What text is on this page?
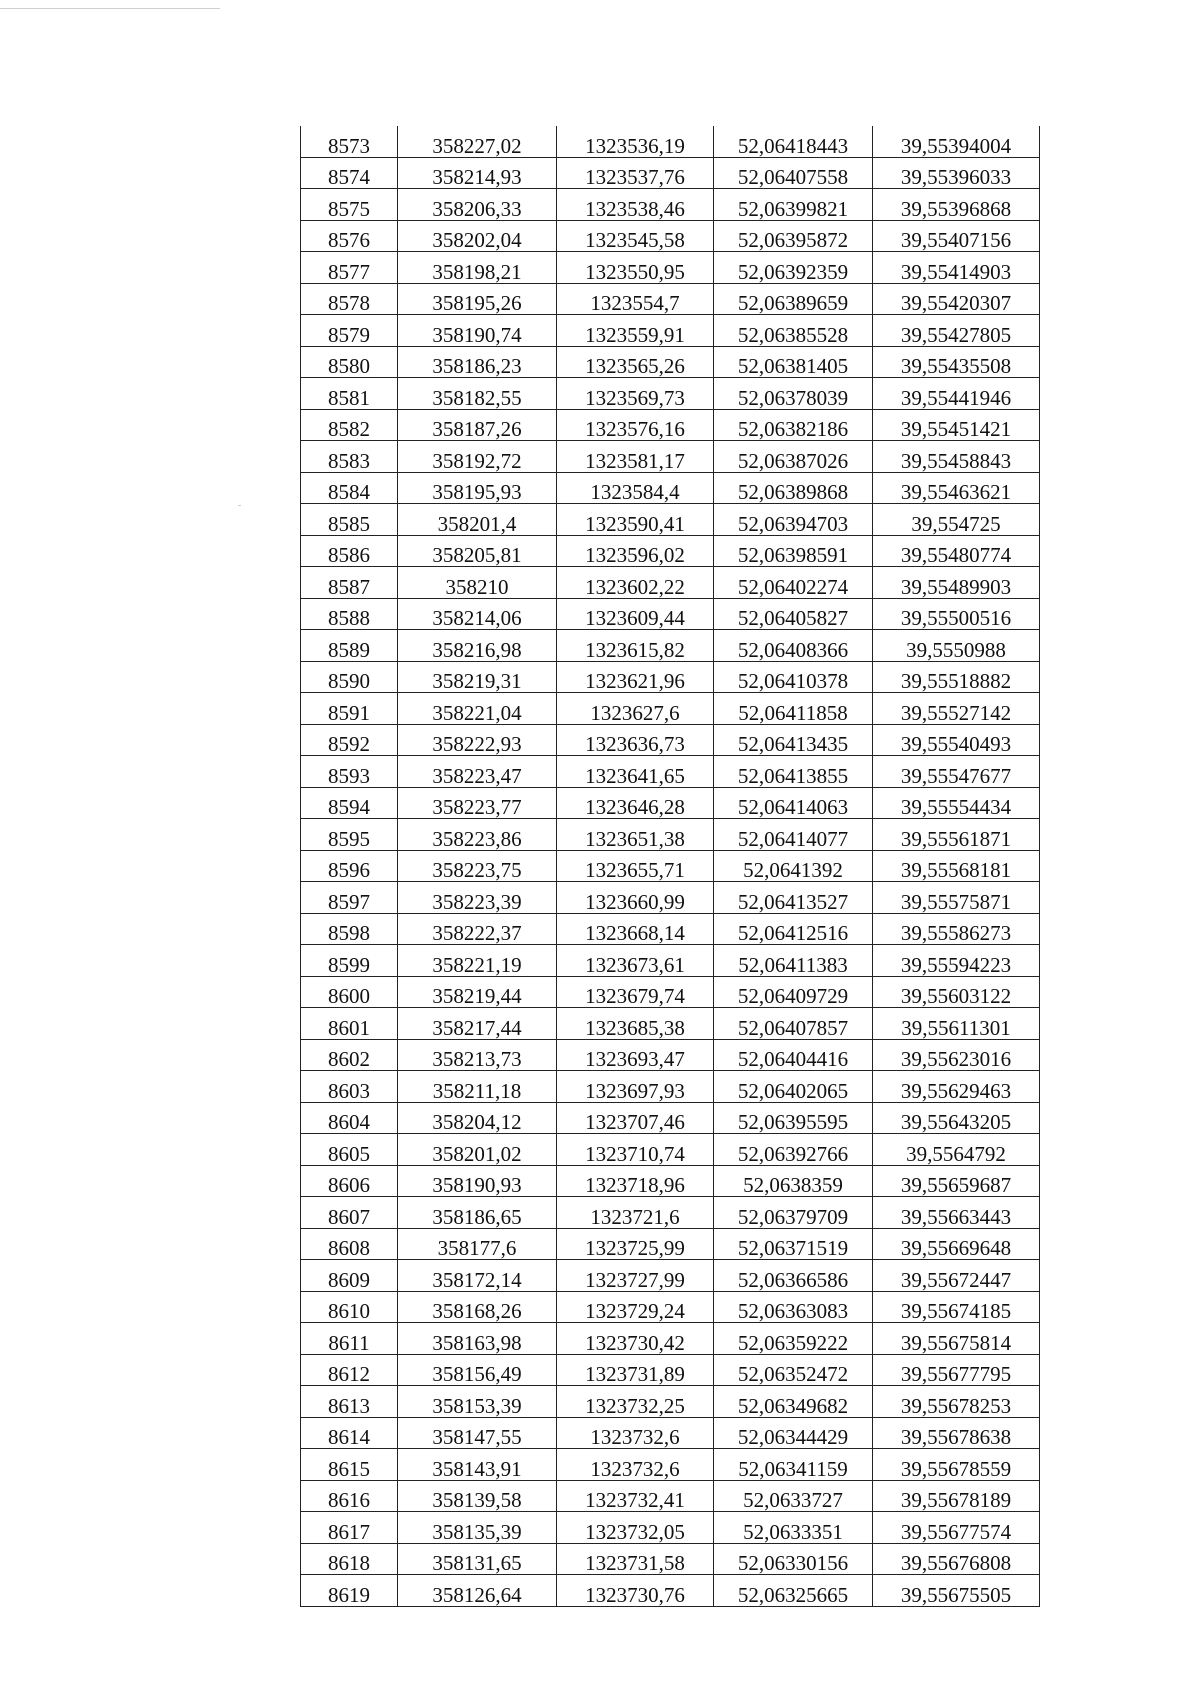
8573	358227,02	1323536,19	52,06418443	39,55394004
8574	358214,93	1323537,76	52,06407558	39,55396033
8575	358206,33	1323538,46	52,06399821	39,55396868
8576	358202,04	1323545,58	52,06395872	39,55407156
8577	358198,21	1323550,95	52,06392359	39,55414903
8578	358195,26	1323554,7	52,06389659	39,55420307
8579	358190,74	1323559,91	52,06385528	39,55427805
8580	358186,23	1323565,26	52,06381405	39,55435508
8581	358182,55	1323569,73	52,06378039	39,55441946
8582	358187,26	1323576,16	52,06382186	39,55451421
8583	358192,72	1323581,17	52,06387026	39,55458843
8584	358195,93	1323584,4	52,06389868	39,55463621
8585	358201,4	1323590,41	52,06394703	39,554725
8586	358205,81	1323596,02	52,06398591	39,55480774
8587	358210	1323602,22	52,06402274	39,55489903
8588	358214,06	1323609,44	52,06405827	39,55500516
8589	358216,98	1323615,82	52,06408366	39,5550988
8590	358219,31	1323621,96	52,06410378	39,55518882
8591	358221,04	1323627,6	52,06411858	39,55527142
8592	358222,93	1323636,73	52,06413435	39,55540493
8593	358223,47	1323641,65	52,06413855	39,55547677
8594	358223,77	1323646,28	52,06414063	39,55554434
8595	358223,86	1323651,38	52,06414077	39,55561871
8596	358223,75	1323655,71	52,0641392	39,55568181
8597	358223,39	1323660,99	52,06413527	39,55575871
8598	358222,37	1323668,14	52,06412516	39,55586273
8599	358221,19	1323673,61	52,06411383	39,55594223
8600	358219,44	1323679,74	52,06409729	39,55603122
8601	358217,44	1323685,38	52,06407857	39,55611301
8602	358213,73	1323693,47	52,06404416	39,55623016
8603	358211,18	1323697,93	52,06402065	39,55629463
8604	358204,12	1323707,46	52,06395595	39,55643205
8605	358201,02	1323710,74	52,06392766	39,5564792
8606	358190,93	1323718,96	52,0638359	39,55659687
8607	358186,65	1323721,6	52,06379709	39,55663443
8608	358177,6	1323725,99	52,06371519	39,55669648
8609	358172,14	1323727,99	52,06366586	39,55672447
8610	358168,26	1323729,24	52,06363083	39,55674185
8611	358163,98	1323730,42	52,06359222	39,55675814
8612	358156,49	1323731,89	52,06352472	39,55677795
8613	358153,39	1323732,25	52,06349682	39,55678253
8614	358147,55	1323732,6	52,06344429	39,55678638
8615	358143,91	1323732,6	52,06341159	39,55678559
8616	358139,58	1323732,41	52,0633727	39,55678189
8617	358135,39	1323732,05	52,0633351	39,55677574
8618	358131,65	1323731,58	52,06330156	39,55676808
8619	358126,64	1323730,76	52,06325665	39,55675505
